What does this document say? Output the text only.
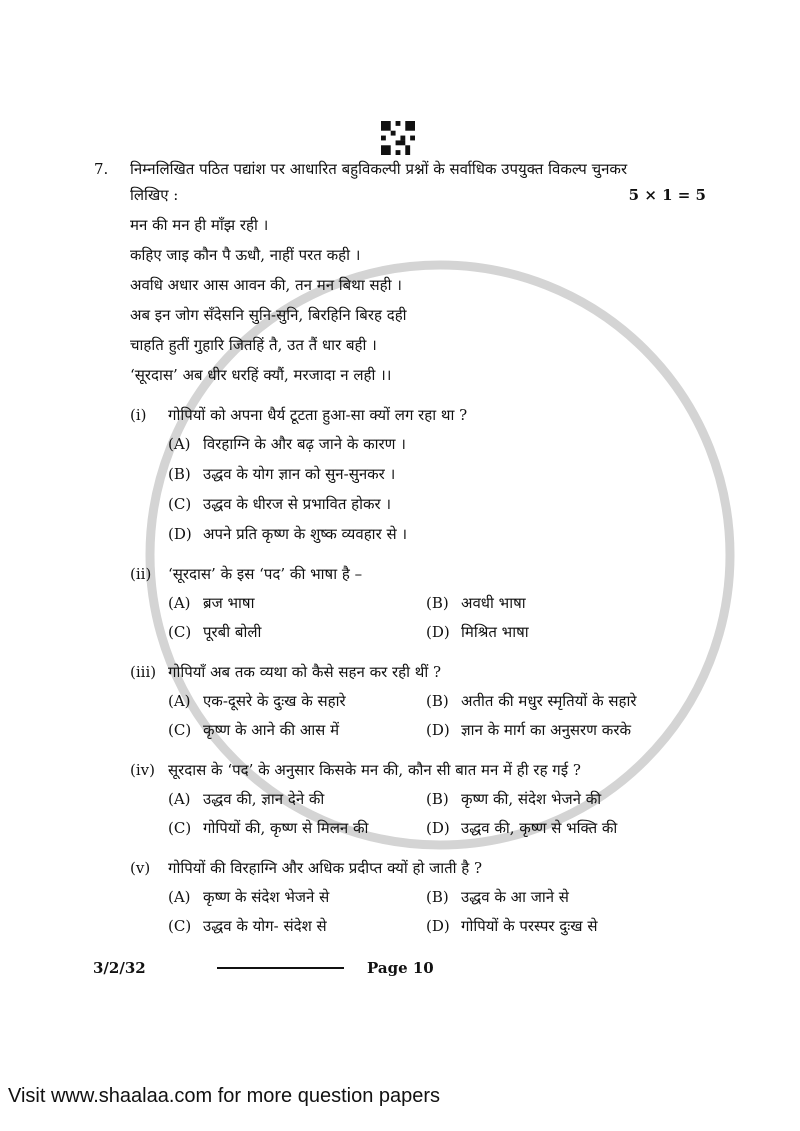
7.	निम्नलिखित पठित पद्यांश पर आधारित बहुविकल्पी प्रश्नों के सर्वाधिक उपयुक्त विकल्प चुनकर
लिखिए :	5 × 1 = 5
मन की मन ही माँझ रही ।
कहिए जाइ कौन पै ऊधौ, नाहीं परत कही ।
अवधि अधार आस आवन की, तन मन बिथा सही ।
अब इन जोग सँदेसनि सुनि-सुनि, बिरहिनि बिरह दही
चाहति हुतीं गुहारि जितहिं तै, उत तैं धार बही ।
‘सूरदास’ अब धीर धरहिं क्यौं, मरजादा न लही ।।
(i)	गोपियों को अपना धैर्य टूटता हुआ-सा क्यों लग रहा था ?
(A) विरहाग्नि के और बढ़ जाने के कारण ।
(B) उद्धव के योग ज्ञान को सुन-सुनकर ।
(C) उद्धव के धीरज से प्रभावित होकर ।
(D) अपने प्रति कृष्ण के शुष्क व्यवहार से ।
(ii)	‘सूरदास’ के इस ‘पद’ की भाषा है –
(A) ब्रज भाषा	(B) अवधी भाषा
(C) पूरबी बोली	(D) मिश्रित भाषा
(iii) गोपियाँ अब तक व्यथा को कैसे सहन कर रही थीं ?
(A) एक-दूसरे के दुःख के सहारे	(B) अतीत की मधुर स्मृतियों के सहारे
(C) कृष्ण के आने की आस में	(D) ज्ञान के मार्ग का अनुसरण करके
(iv) सूरदास के ‘पद’ के अनुसार किसके मन की, कौन सी बात मन में ही रह गई ?
(A) उद्धव की, ज्ञान देने की	(B) कृष्ण की, संदेश भेजने की
(C) गोपियों की, कृष्ण से मिलन की	(D) उद्धव की, कृष्ण से भक्ति की
(v)	गोपियों की विरहाग्नि और अधिक प्रदीप्त क्यों हो जाती है ?
(A) कृष्ण के संदेश भेजने से	(B) उद्धव के आ जाने से
(C) उद्धव के योग- संदेश से	(D) गोपियों के परस्पर दुःख से
3/2/32	Page 10
Visit www.shaalaa.com for more question papers
